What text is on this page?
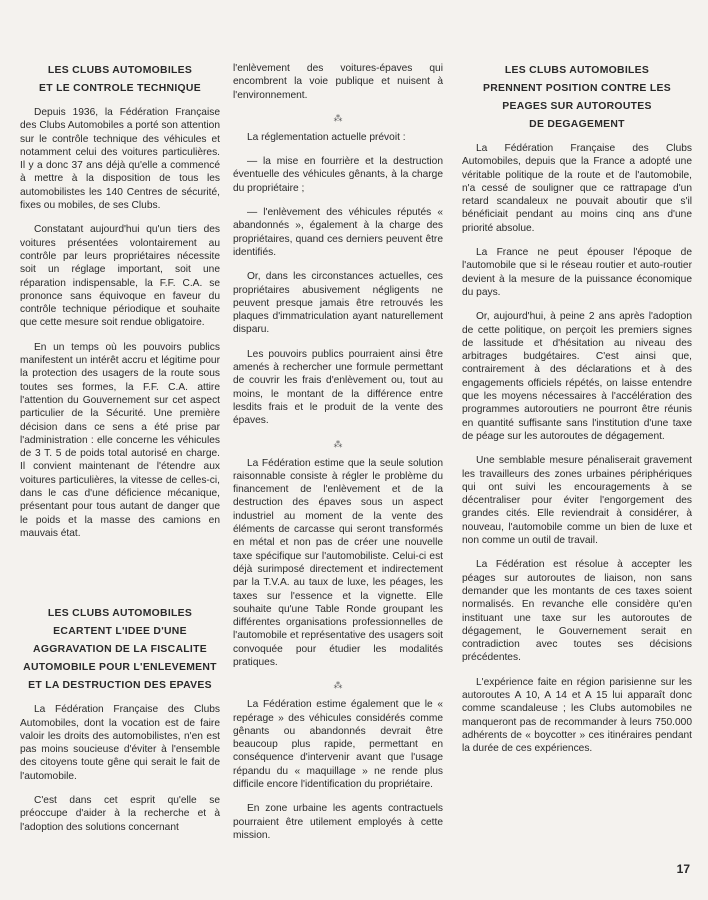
LES CLUBS AUTOMOBILES
ET LE CONTROLE TECHNIQUE

Depuis 1936, la Fédération Française des Clubs Automobiles a porté son attention sur le contrôle technique des véhicules et notamment celui des voitures particulières. Il y a donc 37 ans déjà qu'elle a commencé à mettre à la disposition de tous les automobilistes les 140 Centres de sécurité, fixes ou mobiles, de ses Clubs.

Constatant aujourd'hui qu'un tiers des voitures présentées volontairement au contrôle par leurs propriétaires nécessite soit un réglage important, soit une réparation indispensable, la F.F. C.A. se prononce sans équivoque en faveur du contrôle technique périodique et souhaite que cette mesure soit rendue obligatoire.

En un temps où les pouvoirs publics manifestent un intérêt accru et légitime pour la protection des usagers de la route sous toutes ses formes, la F.F. C.A. attire l'attention du Gouvernement sur cet aspect particulier de la Sécurité. Une première décision dans ce sens a été prise par l'administration : elle concerne les véhicules de 3 T. 5 de poids total autorisé en charge. Il convient maintenant de l'étendre aux voitures particulières, la vitesse de celles-ci, dans le cas d'une déficience mécanique, présentant pour tous autant de danger que le poids et la masse des camions en mauvais état.

LES CLUBS AUTOMOBILES
ECARTENT L'IDEE D'UNE
AGGRAVATION DE LA FISCALITE
AUTOMOBILE POUR L'ENLEVEMENT
ET LA DESTRUCTION DES EPAVES

La Fédération Française des Clubs Automobiles, dont la vocation est de faire valoir les droits des automobilistes, n'en est pas moins soucieuse d'éviter à l'ensemble des citoyens toute gêne qui serait le fait de l'automobile.

C'est dans cet esprit qu'elle se préoccupe d'aider à la recherche et à l'adoption des solutions concernant

l'enlèvement des voitures-épaves qui encombrent la voie publique et nuisent à l'environnement.

⁂

La réglementation actuelle prévoit :

— la mise en fourrière et la destruction éventuelle des véhicules gênants, à la charge du propriétaire ;

— l'enlèvement des véhicules réputés « abandonnés », également à la charge des propriétaires, quand ces derniers peuvent être identifiés.

Or, dans les circonstances actuelles, ces propriétaires abusivement négligents ne peuvent presque jamais être retrouvés les plaques d'immatriculation ayant naturellement disparu.

Les pouvoirs publics pourraient ainsi être amenés à rechercher une formule permettant de couvrir les frais d'enlèvement ou, tout au moins, le montant de la différence entre lesdits frais et le produit de la vente des épaves.

⁂

La Fédération estime que la seule solution raisonnable consiste à régler le problème du financement de l'enlèvement et de la destruction des épaves sous un aspect industriel au moment de la vente des éléments de carcasse qui seront transformés en métal et non pas de créer une nouvelle taxe spécifique sur l'automobiliste. Celui-ci est déjà surimposé directement et indirectement par la T.V.A. au taux de luxe, les péages, les taxes sur l'essence et la vignette. Elle souhaite qu'une Table Ronde groupant les différentes organisations professionnelles de l'automobile et représentative des usagers soit convoquée pour étudier les modalités pratiques.

⁂

La Fédération estime également que le « repérage » des véhicules considérés comme gênants ou abandonnés devrait être beaucoup plus rapide, permettant en conséquence d'intervenir avant que l'usage répandu du « maquillage » ne rende plus difficile encore l'identification du propriétaire.

En zone urbaine les agents contractuels pourraient être utilement employés à cette mission.

LES CLUBS AUTOMOBILES
PRENNENT POSITION CONTRE LES
PEAGES SUR AUTOROUTES
DE DEGAGEMENT

La Fédération Française des Clubs Automobiles, depuis que la France a adopté une véritable politique de la route et de l'automobile, n'a cessé de souligner que ce rattrapage d'un retard scandaleux ne pouvait aboutir que s'il bénéficiait pendant au moins cinq ans d'une priorité absolue.

La France ne peut épouser l'époque de l'automobile que si le réseau routier et auto-routier devient à la mesure de la puissance économique du pays.

Or, aujourd'hui, à peine 2 ans après l'adoption de cette politique, on perçoit les premiers signes de lassitude et d'hésitation au niveau des arbitrages budgétaires. C'est ainsi que, contrairement à des déclarations et à des engagements officiels répétés, on laisse entendre que les moyens nécessaires à l'accélération des programmes autoroutiers ne pourront être réunis en quantité suffisante sans l'institution d'une taxe de péage sur les autoroutes de dégagement.

Une semblable mesure pénaliserait gravement les travailleurs des zones urbaines périphériques qui ont suivi les encouragements à se décentraliser pour éviter l'engorgement des grandes cités. Elle reviendrait à considérer, à nouveau, l'automobile comme un bien de luxe et non comme un outil de travail.

La Fédération est résolue à accepter les péages sur autoroutes de liaison, non sans demander que les montants de ces taxes soient normalisés. En revanche elle considère qu'en instituant une taxe sur les autoroutes de dégagement, le Gouvernement serait en contradiction avec toutes ses décisions précédentes.

L'expérience faite en région parisienne sur les autoroutes A 10, A 14 et A 15 lui apparaît donc comme scandaleuse ; les Clubs automobiles ne manqueront pas de recommander à leurs 750.000 adhérents de « boycotter » ces itinéraires pendant la durée de ces expériences.

17
